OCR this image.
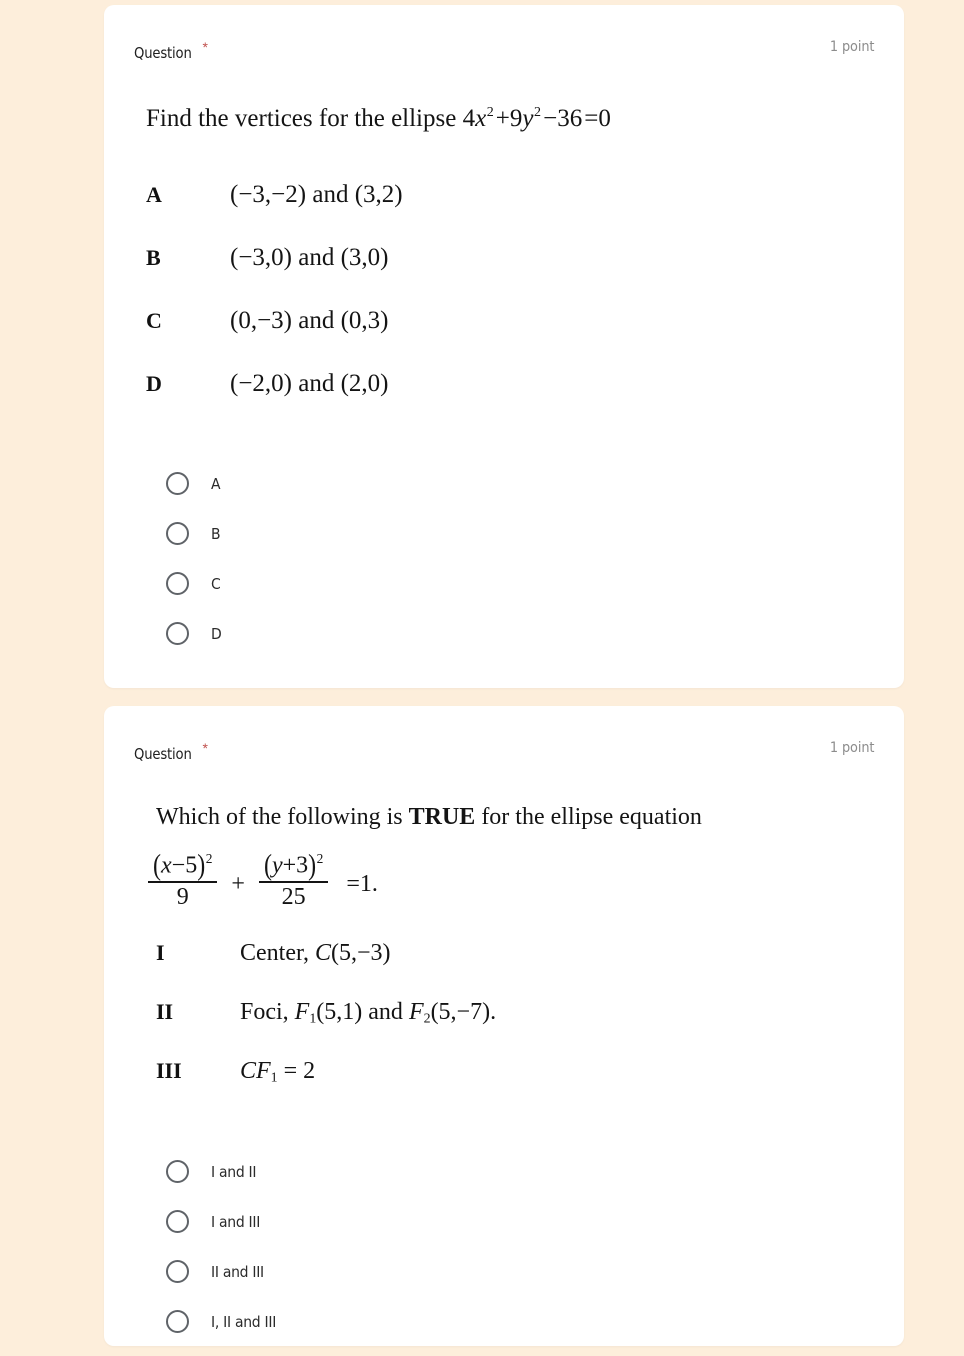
Question *	1 point
Find the vertices for the ellipse $4x^2$ $+9y^2$ −36 =0
A	(−3,−2) and (3,2)
B	(−3,0) and (3,0)
C	(0,−3) and (0,3)
D	(−2,0) and (2,0)
A
B
C
D
Question *	1 point
Which of the following is TRUE for the ellipse equation
$\frac{(x-5)^2}{9} + \frac{(y+3)^2}{25} =1$.
I	Center, C(5,−3)
II	Foci, $F_1(5,1)$ and $F_2(5,-7)$.
III	$CF_1 = 2$
I and II
I and III
II and III
I, II and III
